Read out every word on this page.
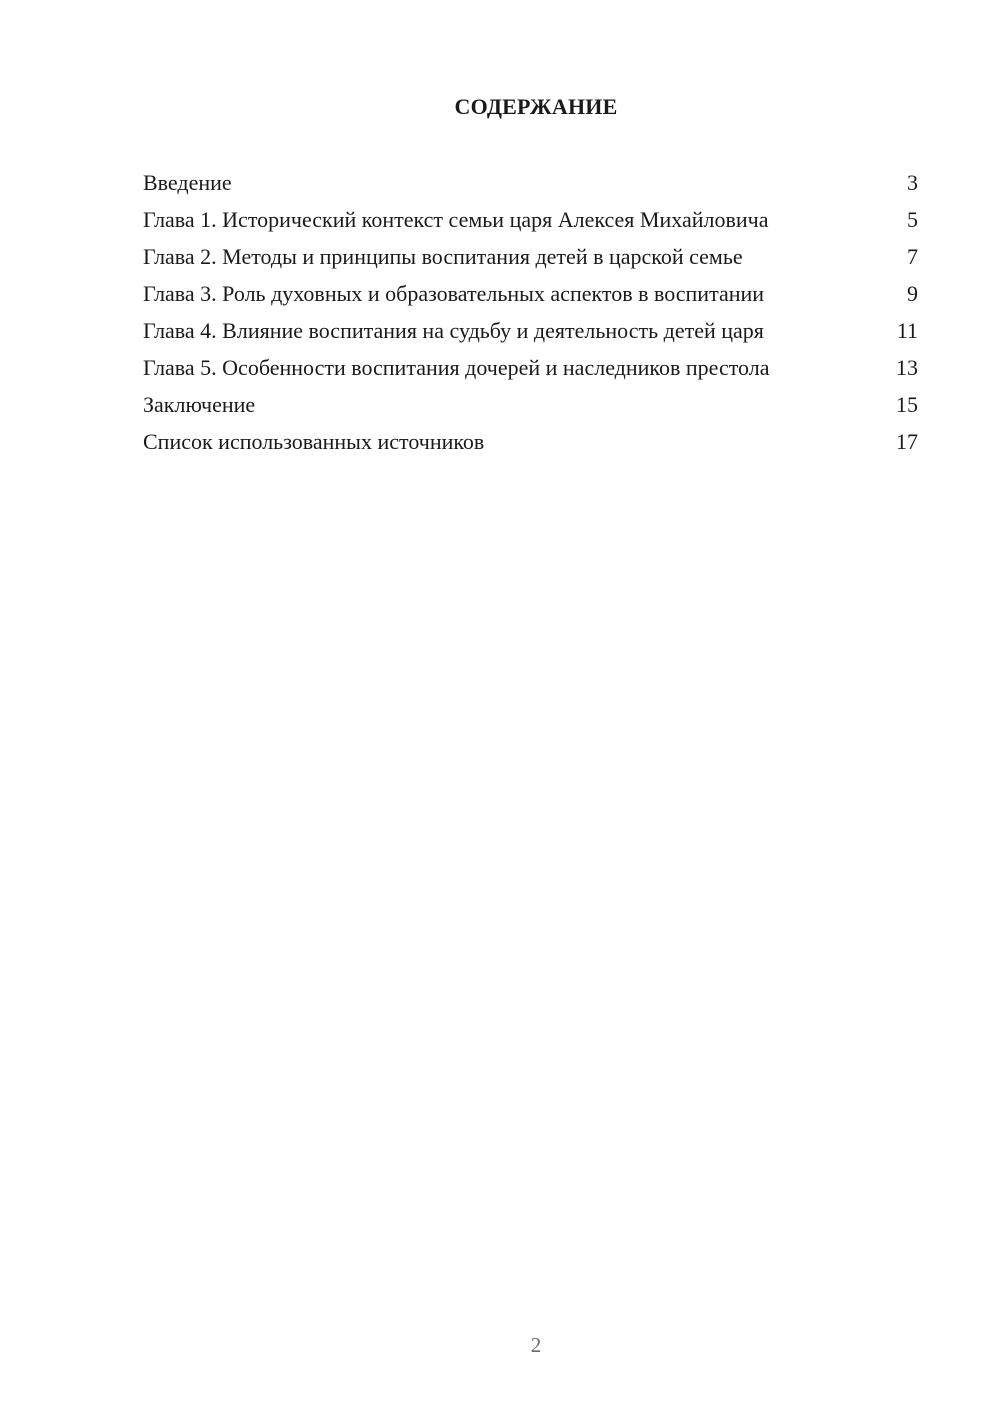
СОДЕРЖАНИЕ
Введение	3
Глава 1. Исторический контекст семьи царя Алексея Михайловича	5
Глава 2. Методы и принципы воспитания детей в царской семье	7
Глава 3. Роль духовных и образовательных аспектов в воспитании	9
Глава 4. Влияние воспитания на судьбу и деятельность детей царя	11
Глава 5. Особенности воспитания дочерей и наследников престола	13
Заключение	15
Список использованных источников	17
2
